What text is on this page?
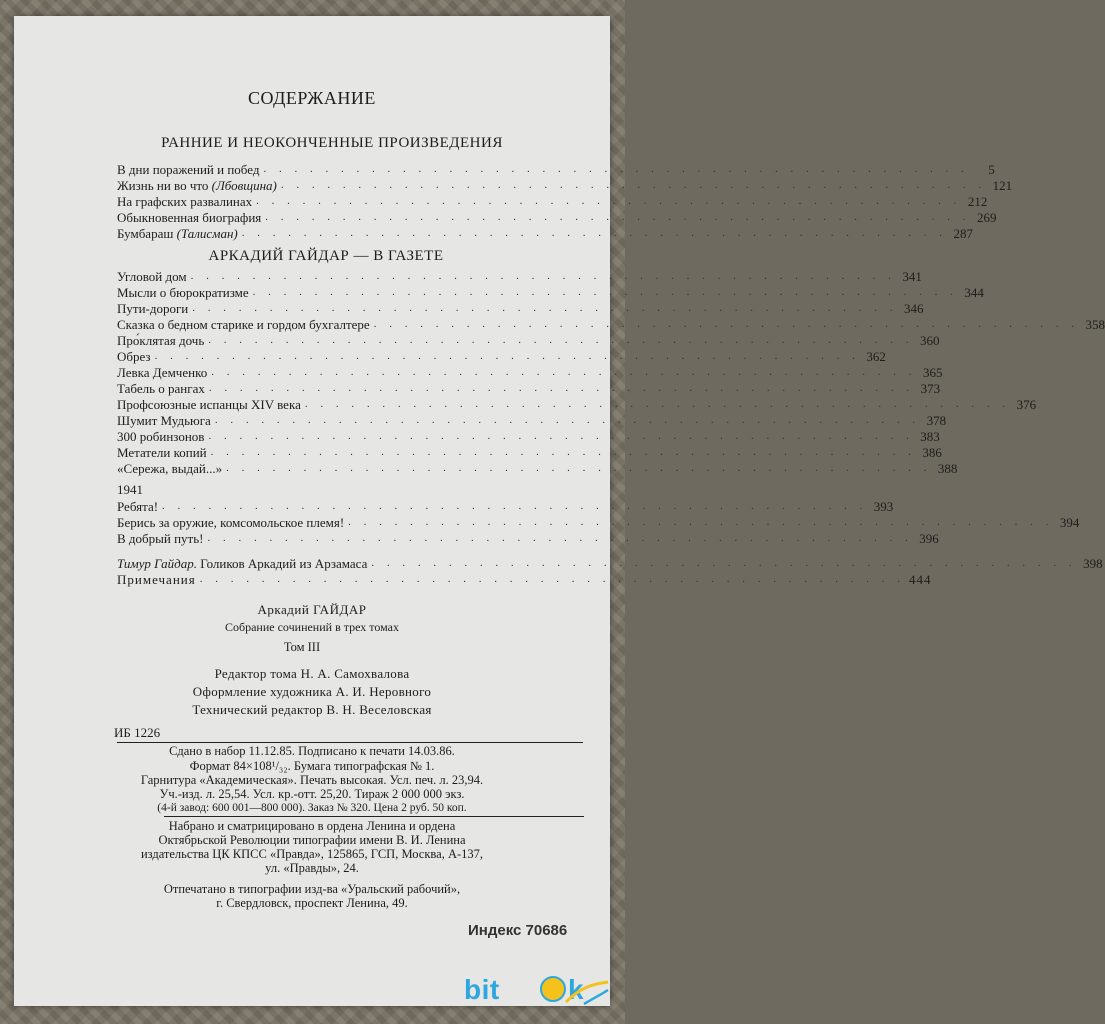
СОДЕРЖАНИЕ
РАННИЕ И НЕОКОНЧЕННЫЕ ПРОИЗВЕДЕНИЯ
В дни поражений и побед . . . . . . . . . . . . . . . . . . . . . . . . . . . . . . . . . . . . . . . . . . . . . .	5
Жизнь ни во что (Лбовщина) . . . . . . . . . . . . . . . . . . . . . . . . . . . . . . . . . . . . . . . . . . . . . . 121
На графских развалинах . . . . . . . . . . . . . . . . . . . . . . . . . . . . . . . . . . . . . . . . . . . . . . 212
Обыкновенная биография . . . . . . . . . . . . . . . . . . . . . . . . . . . . . . . . . . . . . . . . . . . . . . 269
Бумбараш (Талисман) . . . . . . . . . . . . . . . . . . . . . . . . . . . . . . . . . . . . . . . . . . . . . . 287
АРКАДИЙ ГАЙДАР — В ГАЗЕТЕ
Угловой дом . . . . . . . . . . . . . . . . . . . . . . . . . . . . . . . . . . . . . . . . . . . . . . 341
Мысли о бюрократизме . . . . . . . . . . . . . . . . . . . . . . . . . . . . . . . . . . . . . . . . . . . . . . 344
Пути-дороги . . . . . . . . . . . . . . . . . . . . . . . . . . . . . . . . . . . . . . . . . . . . . . 346
Сказка о бедном старике и гордом бухгалтере . . . . . . . . . . . . . . . . . . . . . . . . . . . . . . . . . . . . . . . . . . . . . . 358
Про́клятая дочь . . . . . . . . . . . . . . . . . . . . . . . . . . . . . . . . . . . . . . . . . . . . . . 360
Обрез . . . . . . . . . . . . . . . . . . . . . . . . . . . . . . . . . . . . . . . . . . . . . . 362
Левка Демченко . . . . . . . . . . . . . . . . . . . . . . . . . . . . . . . . . . . . . . . . . . . . . . 365
Табель о рангах . . . . . . . . . . . . . . . . . . . . . . . . . . . . . . . . . . . . . . . . . . . . . . 373
Профсоюзные испанцы XIV века . . . . . . . . . . . . . . . . . . . . . . . . . . . . . . . . . . . . . . . . . . . . . . 376
Шумит Мудьюга . . . . . . . . . . . . . . . . . . . . . . . . . . . . . . . . . . . . . . . . . . . . . . 378
300 робинзонов . . . . . . . . . . . . . . . . . . . . . . . . . . . . . . . . . . . . . . . . . . . . . . 383
Метатели копий . . . . . . . . . . . . . . . . . . . . . . . . . . . . . . . . . . . . . . . . . . . . . . 386
«Сережа, выдай...» . . . . . . . . . . . . . . . . . . . . . . . . . . . . . . . . . . . . . . . . . . . . . . 388
1941
Ребята! . . . . . . . . . . . . . . . . . . . . . . . . . . . . . . . . . . . . . . . . . . . . . . 393
Берись за оружие, комсомольское племя! . . . . . . . . . . . . . . . . . . . . . . . . . . . . . . . . . . . . . . . . . . . . . . 394
В добрый путь! . . . . . . . . . . . . . . . . . . . . . . . . . . . . . . . . . . . . . . . . . . . . . . 396
Тимур Гайдар. Голиков Аркадий из Арзамаса . . . . . . . . . . . . . . . . . . . . . . . . . . . . . . . . . . . . . . . . . . . . . . 398
Примечания . . . . . . . . . . . . . . . . . . . . . . . . . . . . . . . . . . . . . . . . . . . . . . 444
Аркадий ГАЙДАР
Собрание сочинений в трех томах
Том III
Редактор тома Н. А. Самохвалова
Оформление художника А. И. Неровного
Технический редактор В. Н. Веселовская
ИБ 1226
Сдано в набор 11.12.85. Подписано к печати 14.03.86.
Формат 84×108¹/₃₂. Бумага типографская № 1.
Гарнитура «Академическая». Печать высокая. Усл. печ. л. 23,94.
Уч.-изд. л. 25,54. Усл. кр.-отт. 25,20. Тираж 2 000 000 экз.
(4-й завод: 600 001—800 000). Заказ № 320. Цена 2 руб. 50 коп.
Набрано и сматрицировано в ордена Ленина и ордена
Октябрьской Революции типографии имени В. И. Ленина
издательства ЦК КПСС «Правда», 125865, ГСП, Москва, А-137,
ул. «Правды», 24.
Отпечатано в типографии изд-ва «Уральский рабочий»,
г. Свердловск, проспект Ленина, 49.
Индекс 70686
bit k
